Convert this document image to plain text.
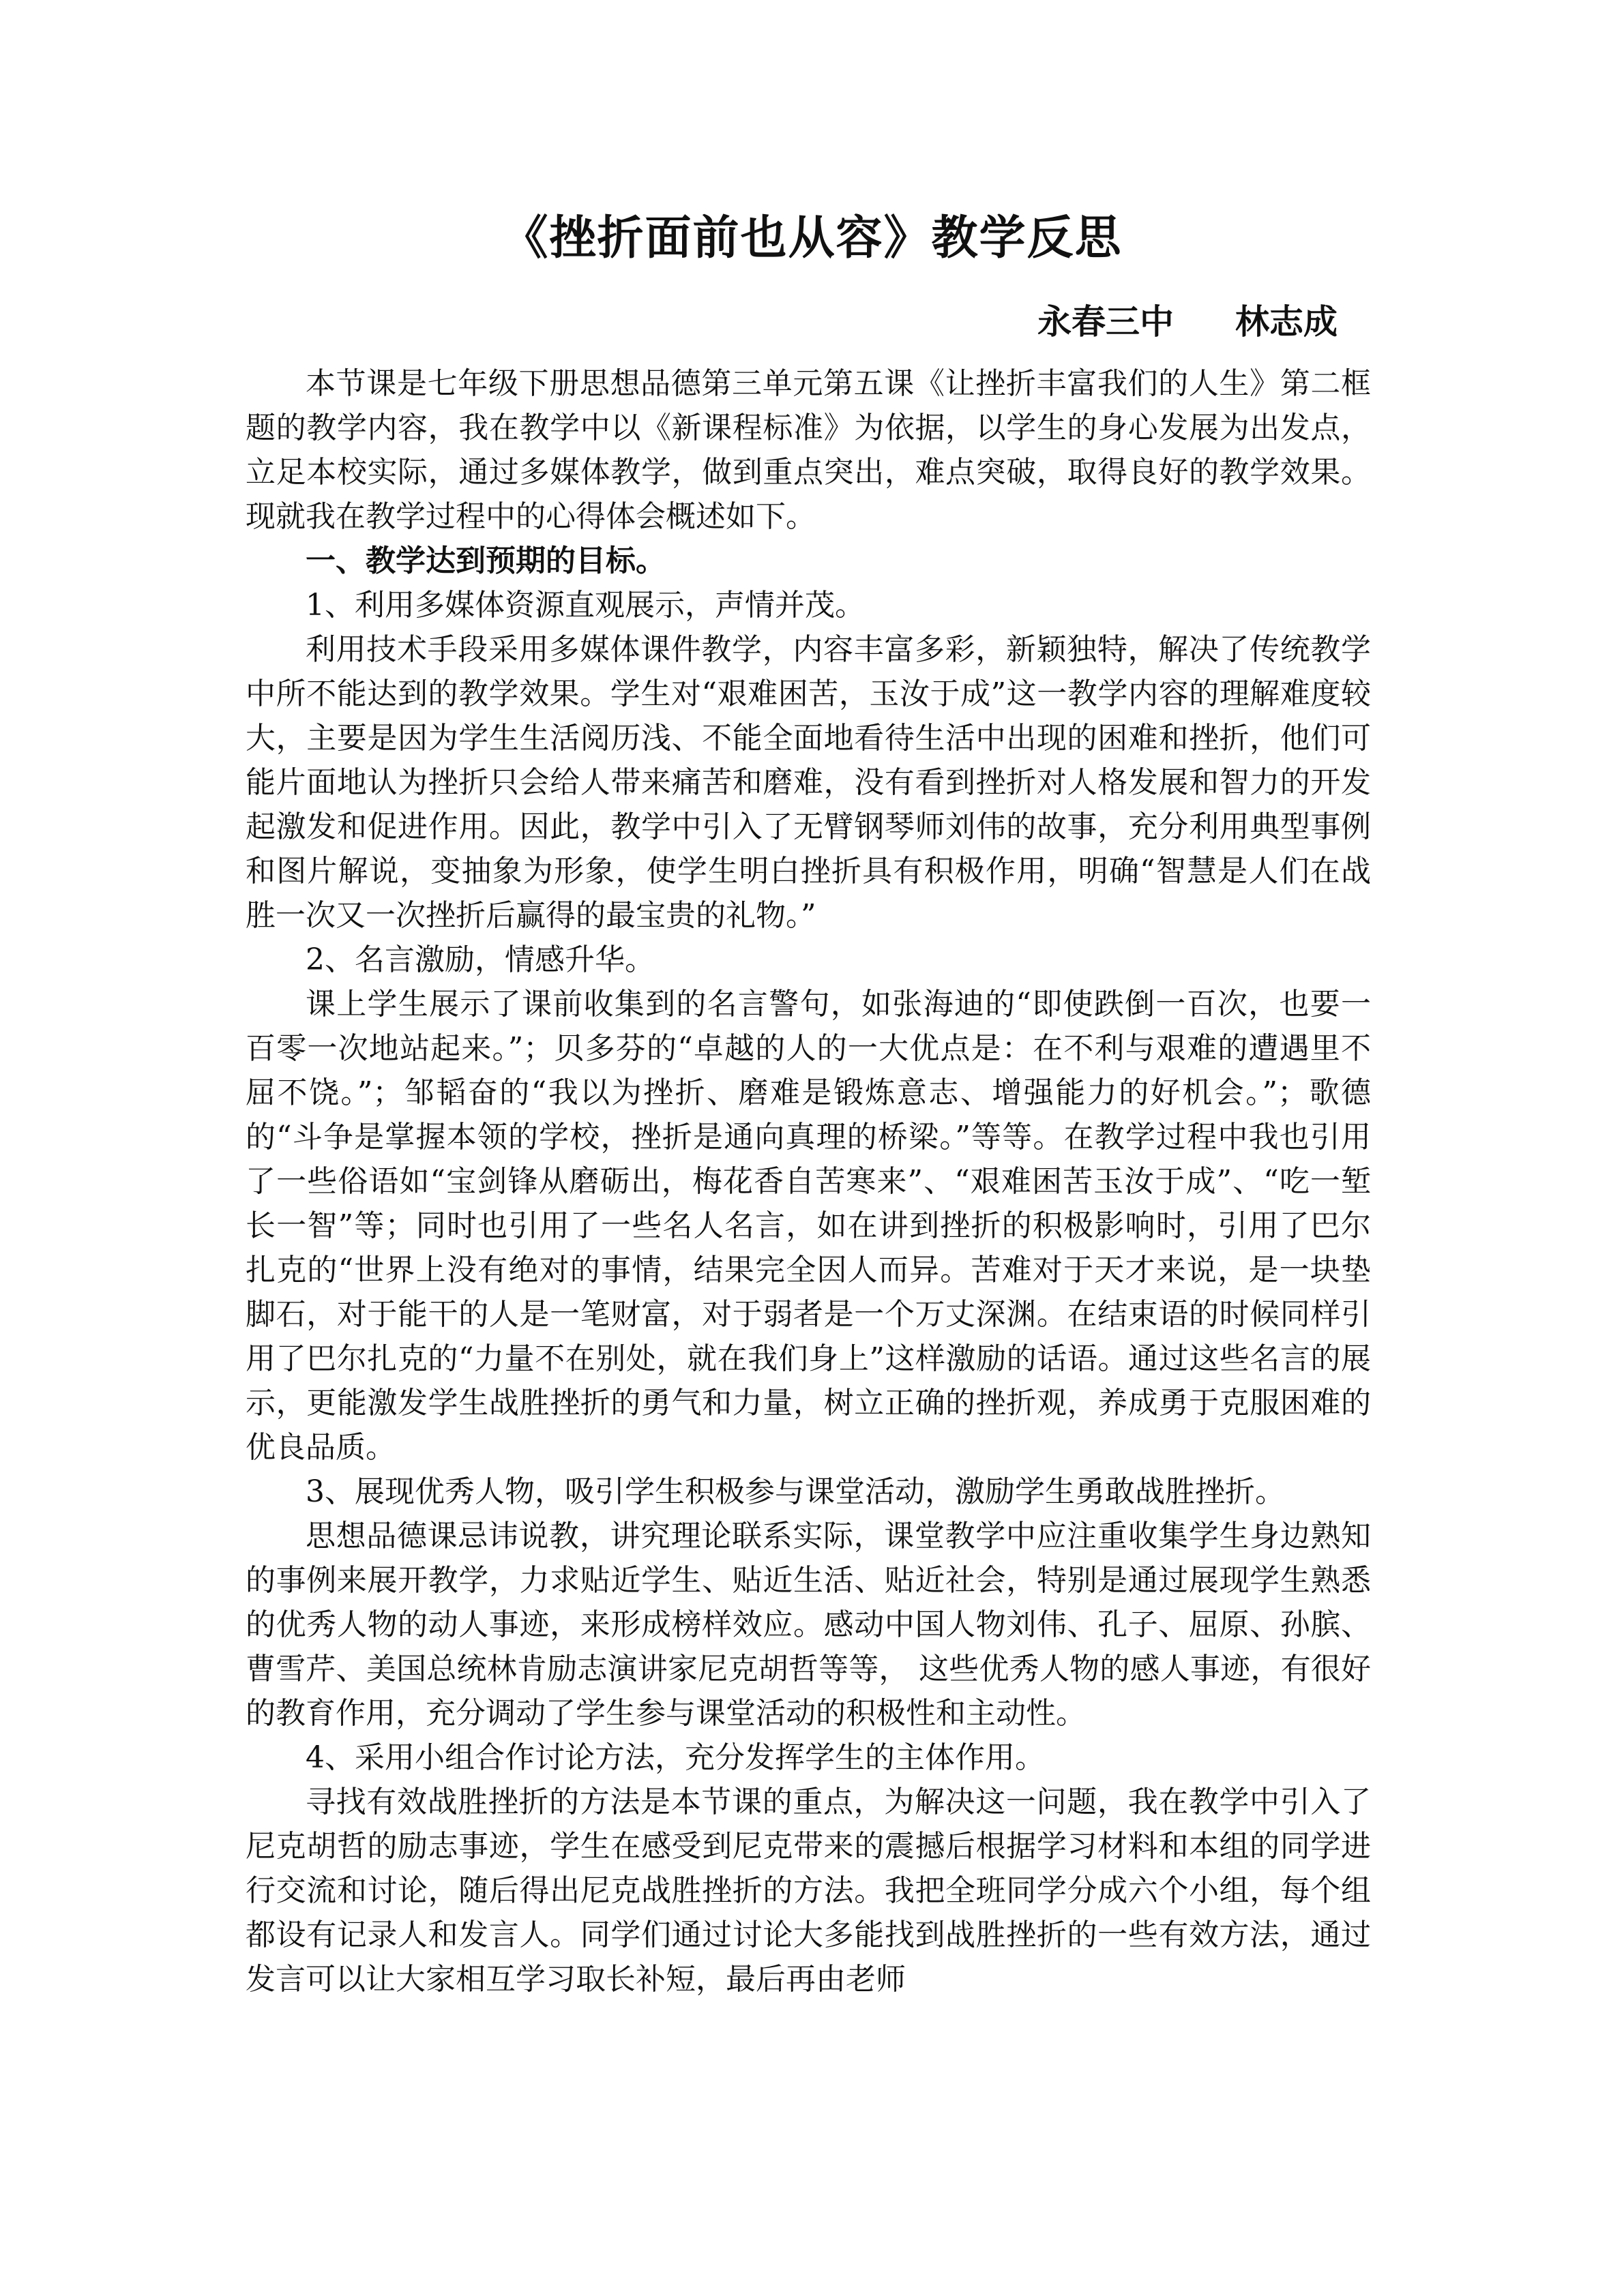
《挫折面前也从容》教学反思
永春三中 林志成

本节课是七年级下册思想品德第三单元第五课《让挫折丰富我们的人生》第二框题的教学内容，我在教学中以《新课程标准》为依据，以学生的身心发展为出发点，立足本校实际，通过多媒体教学，做到重点突出，难点突破，取得良好的教学效果。现就我在教学过程中的心得体会概述如下。

一、教学达到预期的目标。

1、利用多媒体资源直观展示，声情并茂。

利用技术手段采用多媒体课件教学，内容丰富多彩，新颖独特，解决了传统教学中所不能达到的教学效果。学生对“艰难困苦，玉汝于成”这一教学内容的理解难度较大，主要是因为学生生活阅历浅、不能全面地看待生活中出现的困难和挫折，他们可能片面地认为挫折只会给人带来痛苦和磨难，没有看到挫折对人格发展和智力的开发起激发和促进作用。因此，教学中引入了无臂钢琴师刘伟的故事，充分利用典型事例和图片解说，变抽象为形象，使学生明白挫折具有积极作用，明确“智慧是人们在战胜一次又一次挫折后赢得的最宝贵的礼物。”

2、名言激励，情感升华。

课上学生展示了课前收集到的名言警句，如张海迪的“即使跌倒一百次，也要一百零一次地站起来。”；贝多芬的“卓越的人的一大优点是：在不利与艰难的遭遇里不屈不饶。”；邹韬奋的“我以为挫折、磨难是锻炼意志、增强能力的好机会。”；歌德的“斗争是掌握本领的学校，挫折是通向真理的桥梁。”等等。在教学过程中我也引用了一些俗语如“宝剑锋从磨砺出，梅花香自苦寒来”、“艰难困苦玉汝于成”、“吃一堑长一智”等；同时也引用了一些名人名言，如在讲到挫折的积极影响时，引用了巴尔扎克的“世界上没有绝对的事情，结果完全因人而异。苦难对于天才来说，是一块垫脚石，对于能干的人是一笔财富，对于弱者是一个万丈深渊。在结束语的时候同样引用了巴尔扎克的“力量不在别处，就在我们身上”这样激励的话语。通过这些名言的展示，更能激发学生战胜挫折的勇气和力量，树立正确的挫折观，养成勇于克服困难的优良品质。

3、展现优秀人物，吸引学生积极参与课堂活动，激励学生勇敢战胜挫折。

思想品德课忌讳说教，讲究理论联系实际，课堂教学中应注重收集学生身边熟知的事例来展开教学，力求贴近学生、贴近生活、贴近社会，特别是通过展现学生熟悉的优秀人物的动人事迹，来形成榜样效应。感动中国人物刘伟、孔子、屈原、孙膑、曹雪芹、美国总统林肯励志演讲家尼克胡哲等等， 这些优秀人物的感人事迹，有很好的教育作用，充分调动了学生参与课堂活动的积极性和主动性。

4、采用小组合作讨论方法，充分发挥学生的主体作用。

寻找有效战胜挫折的方法是本节课的重点，为解决这一问题，我在教学中引入了尼克胡哲的励志事迹，学生在感受到尼克带来的震撼后根据学习材料和本组的同学进行交流和讨论，随后得出尼克战胜挫折的方法。我把全班同学分成六个小组，每个组都设有记录人和发言人。同学们通过讨论大多能找到战胜挫折的一些有效方法，通过发言可以让大家相互学习取长补短，最后再由老师
